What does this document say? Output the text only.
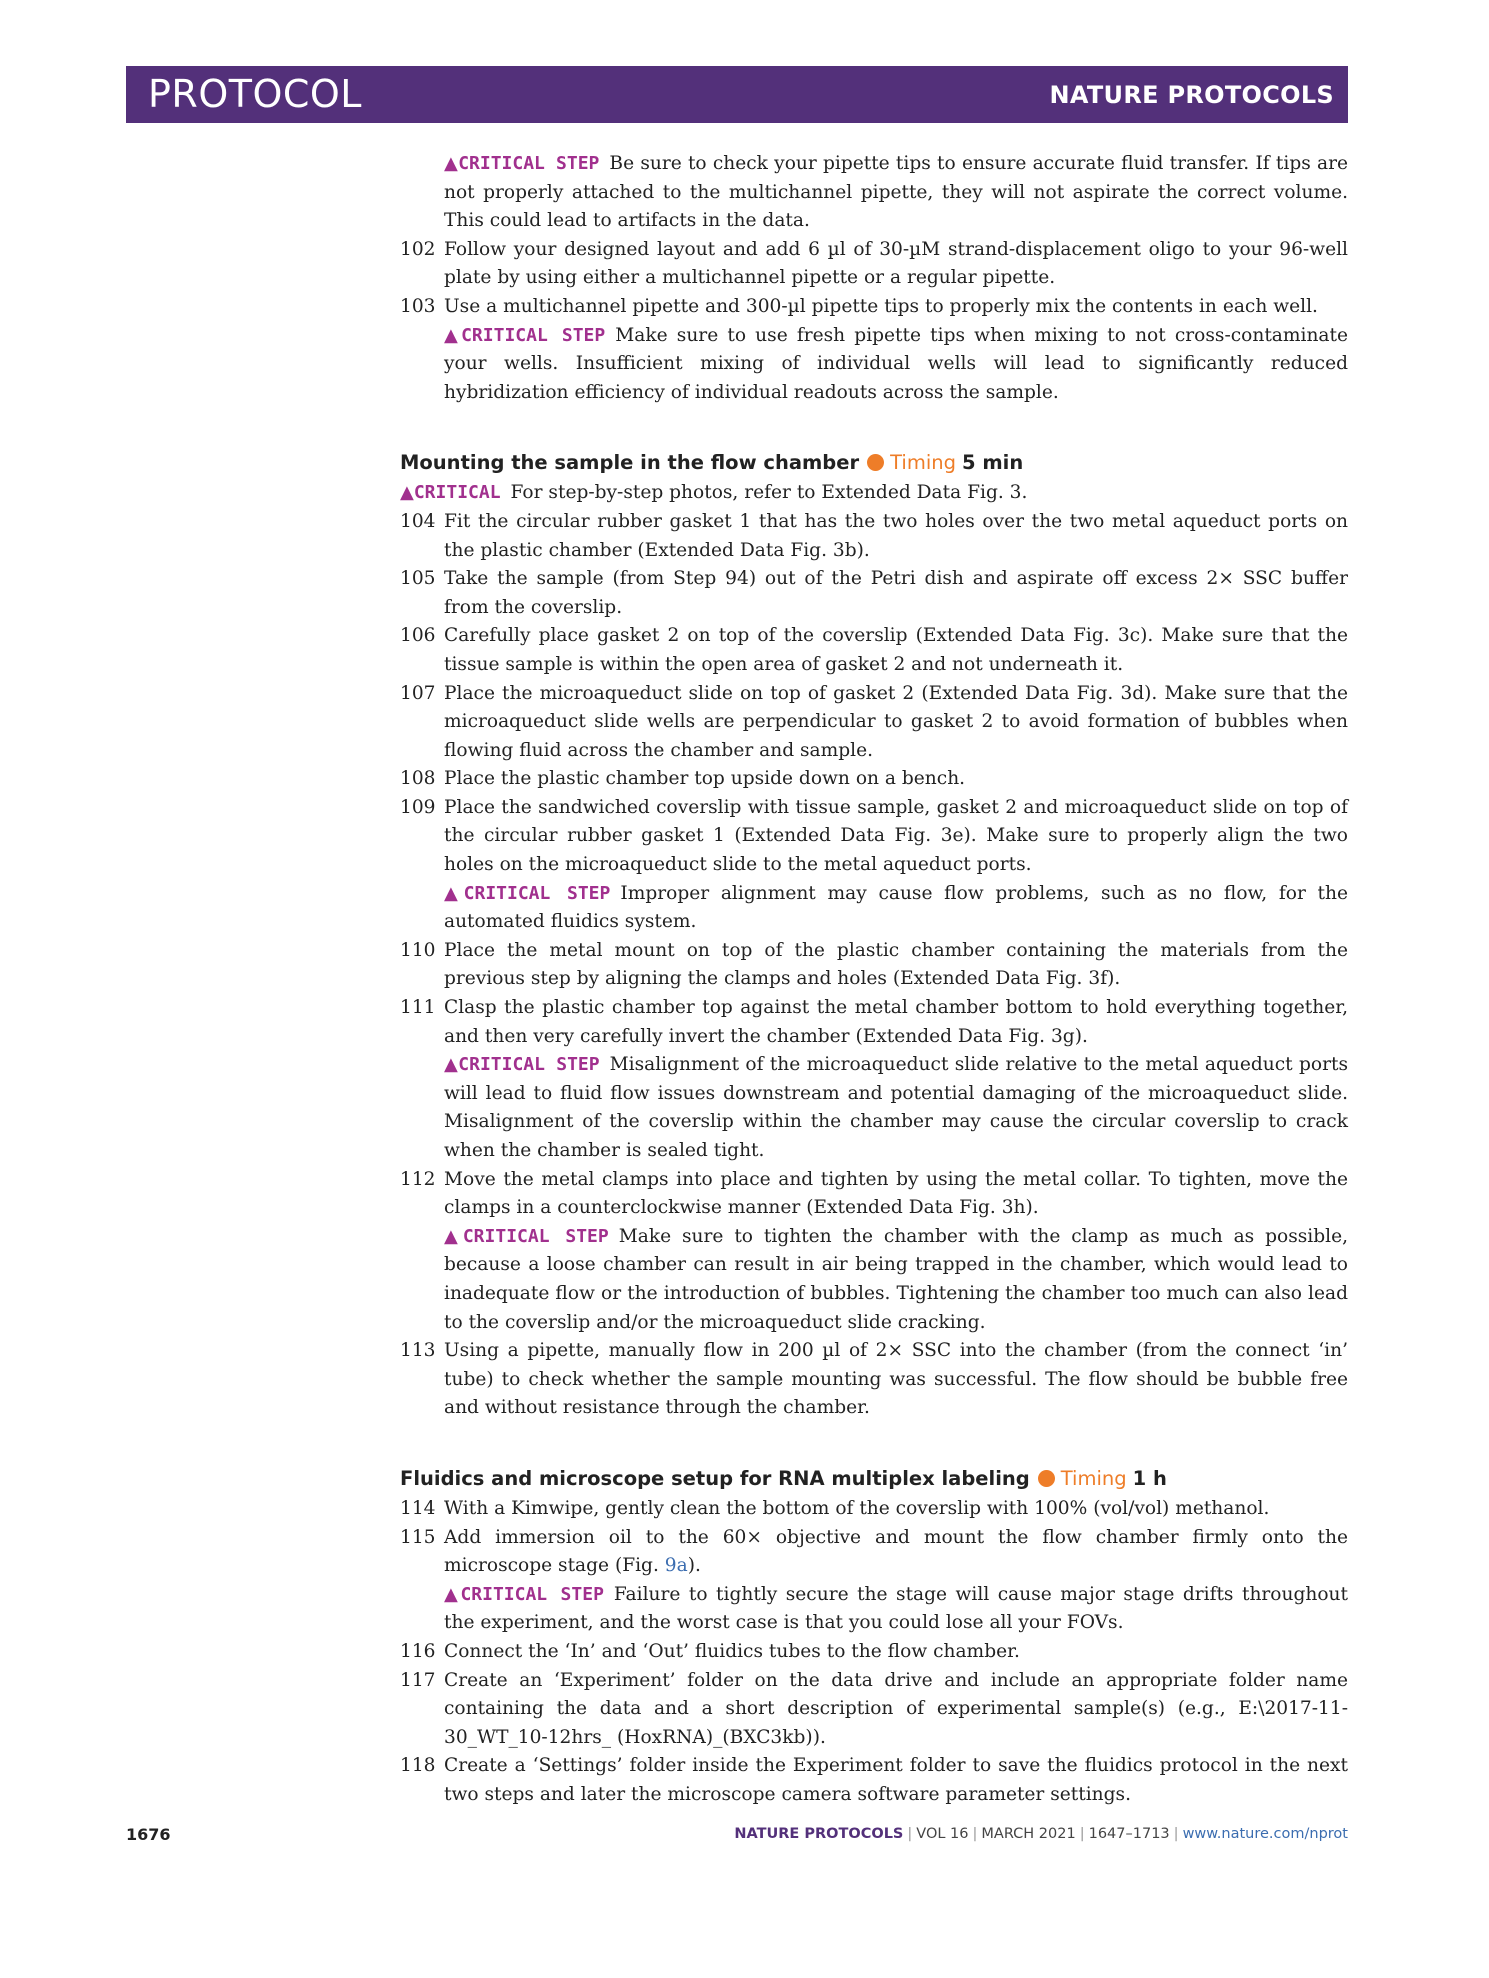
PROTOCOL	NATURE PROTOCOLS
▲CRITICAL STEP Be sure to check your pipette tips to ensure accurate fluid transfer. If tips are not properly attached to the multichannel pipette, they will not aspirate the correct volume. This could lead to artifacts in the data.
102 Follow your designed layout and add 6 µl of 30-µM strand-displacement oligo to your 96-well plate by using either a multichannel pipette or a regular pipette.
103 Use a multichannel pipette and 300-µl pipette tips to properly mix the contents in each well.
▲CRITICAL STEP Make sure to use fresh pipette tips when mixing to not cross-contaminate your wells. Insufficient mixing of individual wells will lead to significantly reduced hybridization efficiency of individual readouts across the sample.
Mounting the sample in the flow chamber Timing 5 min
▲CRITICAL For step-by-step photos, refer to Extended Data Fig. 3.
104 Fit the circular rubber gasket 1 that has the two holes over the two metal aqueduct ports on the plastic chamber (Extended Data Fig. 3b).
105 Take the sample (from Step 94) out of the Petri dish and aspirate off excess 2× SSC buffer from the coverslip.
106 Carefully place gasket 2 on top of the coverslip (Extended Data Fig. 3c). Make sure that the tissue sample is within the open area of gasket 2 and not underneath it.
107 Place the microaqueduct slide on top of gasket 2 (Extended Data Fig. 3d). Make sure that the microaqueduct slide wells are perpendicular to gasket 2 to avoid formation of bubbles when flowing fluid across the chamber and sample.
108 Place the plastic chamber top upside down on a bench.
109 Place the sandwiched coverslip with tissue sample, gasket 2 and microaqueduct slide on top of the circular rubber gasket 1 (Extended Data Fig. 3e). Make sure to properly align the two holes on the microaqueduct slide to the metal aqueduct ports.
▲CRITICAL STEP Improper alignment may cause flow problems, such as no flow, for the automated fluidics system.
110 Place the metal mount on top of the plastic chamber containing the materials from the previous step by aligning the clamps and holes (Extended Data Fig. 3f).
111 Clasp the plastic chamber top against the metal chamber bottom to hold everything together, and then very carefully invert the chamber (Extended Data Fig. 3g).
▲CRITICAL STEP Misalignment of the microaqueduct slide relative to the metal aqueduct ports will lead to fluid flow issues downstream and potential damaging of the microaqueduct slide. Misalignment of the coverslip within the chamber may cause the circular coverslip to crack when the chamber is sealed tight.
112 Move the metal clamps into place and tighten by using the metal collar. To tighten, move the clamps in a counterclockwise manner (Extended Data Fig. 3h).
▲CRITICAL STEP Make sure to tighten the chamber with the clamp as much as possible, because a loose chamber can result in air being trapped in the chamber, which would lead to inadequate flow or the introduction of bubbles. Tightening the chamber too much can also lead to the coverslip and/or the microaqueduct slide cracking.
113 Using a pipette, manually flow in 200 µl of 2× SSC into the chamber (from the connect ‘in’ tube) to check whether the sample mounting was successful. The flow should be bubble free and without resistance through the chamber.
Fluidics and microscope setup for RNA multiplex labeling Timing 1 h
114 With a Kimwipe, gently clean the bottom of the coverslip with 100% (vol/vol) methanol.
115 Add immersion oil to the 60× objective and mount the flow chamber firmly onto the microscope stage (Fig. 9a).
▲CRITICAL STEP Failure to tightly secure the stage will cause major stage drifts throughout the experiment, and the worst case is that you could lose all your FOVs.
116 Connect the ‘In’ and ‘Out’ fluidics tubes to the flow chamber.
117 Create an ‘Experiment’ folder on the data drive and include an appropriate folder name containing the data and a short description of experimental sample(s) (e.g., E:\2017-11-30_WT_10-12hrs_ (HoxRNA)_(BXC3kb)).
118 Create a ‘Settings’ folder inside the Experiment folder to save the fluidics protocol in the next two steps and later the microscope camera software parameter settings.
1676	NATURE PROTOCOLS | VOL 16 | MARCH 2021 | 1647–1713 | www.nature.com/nprot
